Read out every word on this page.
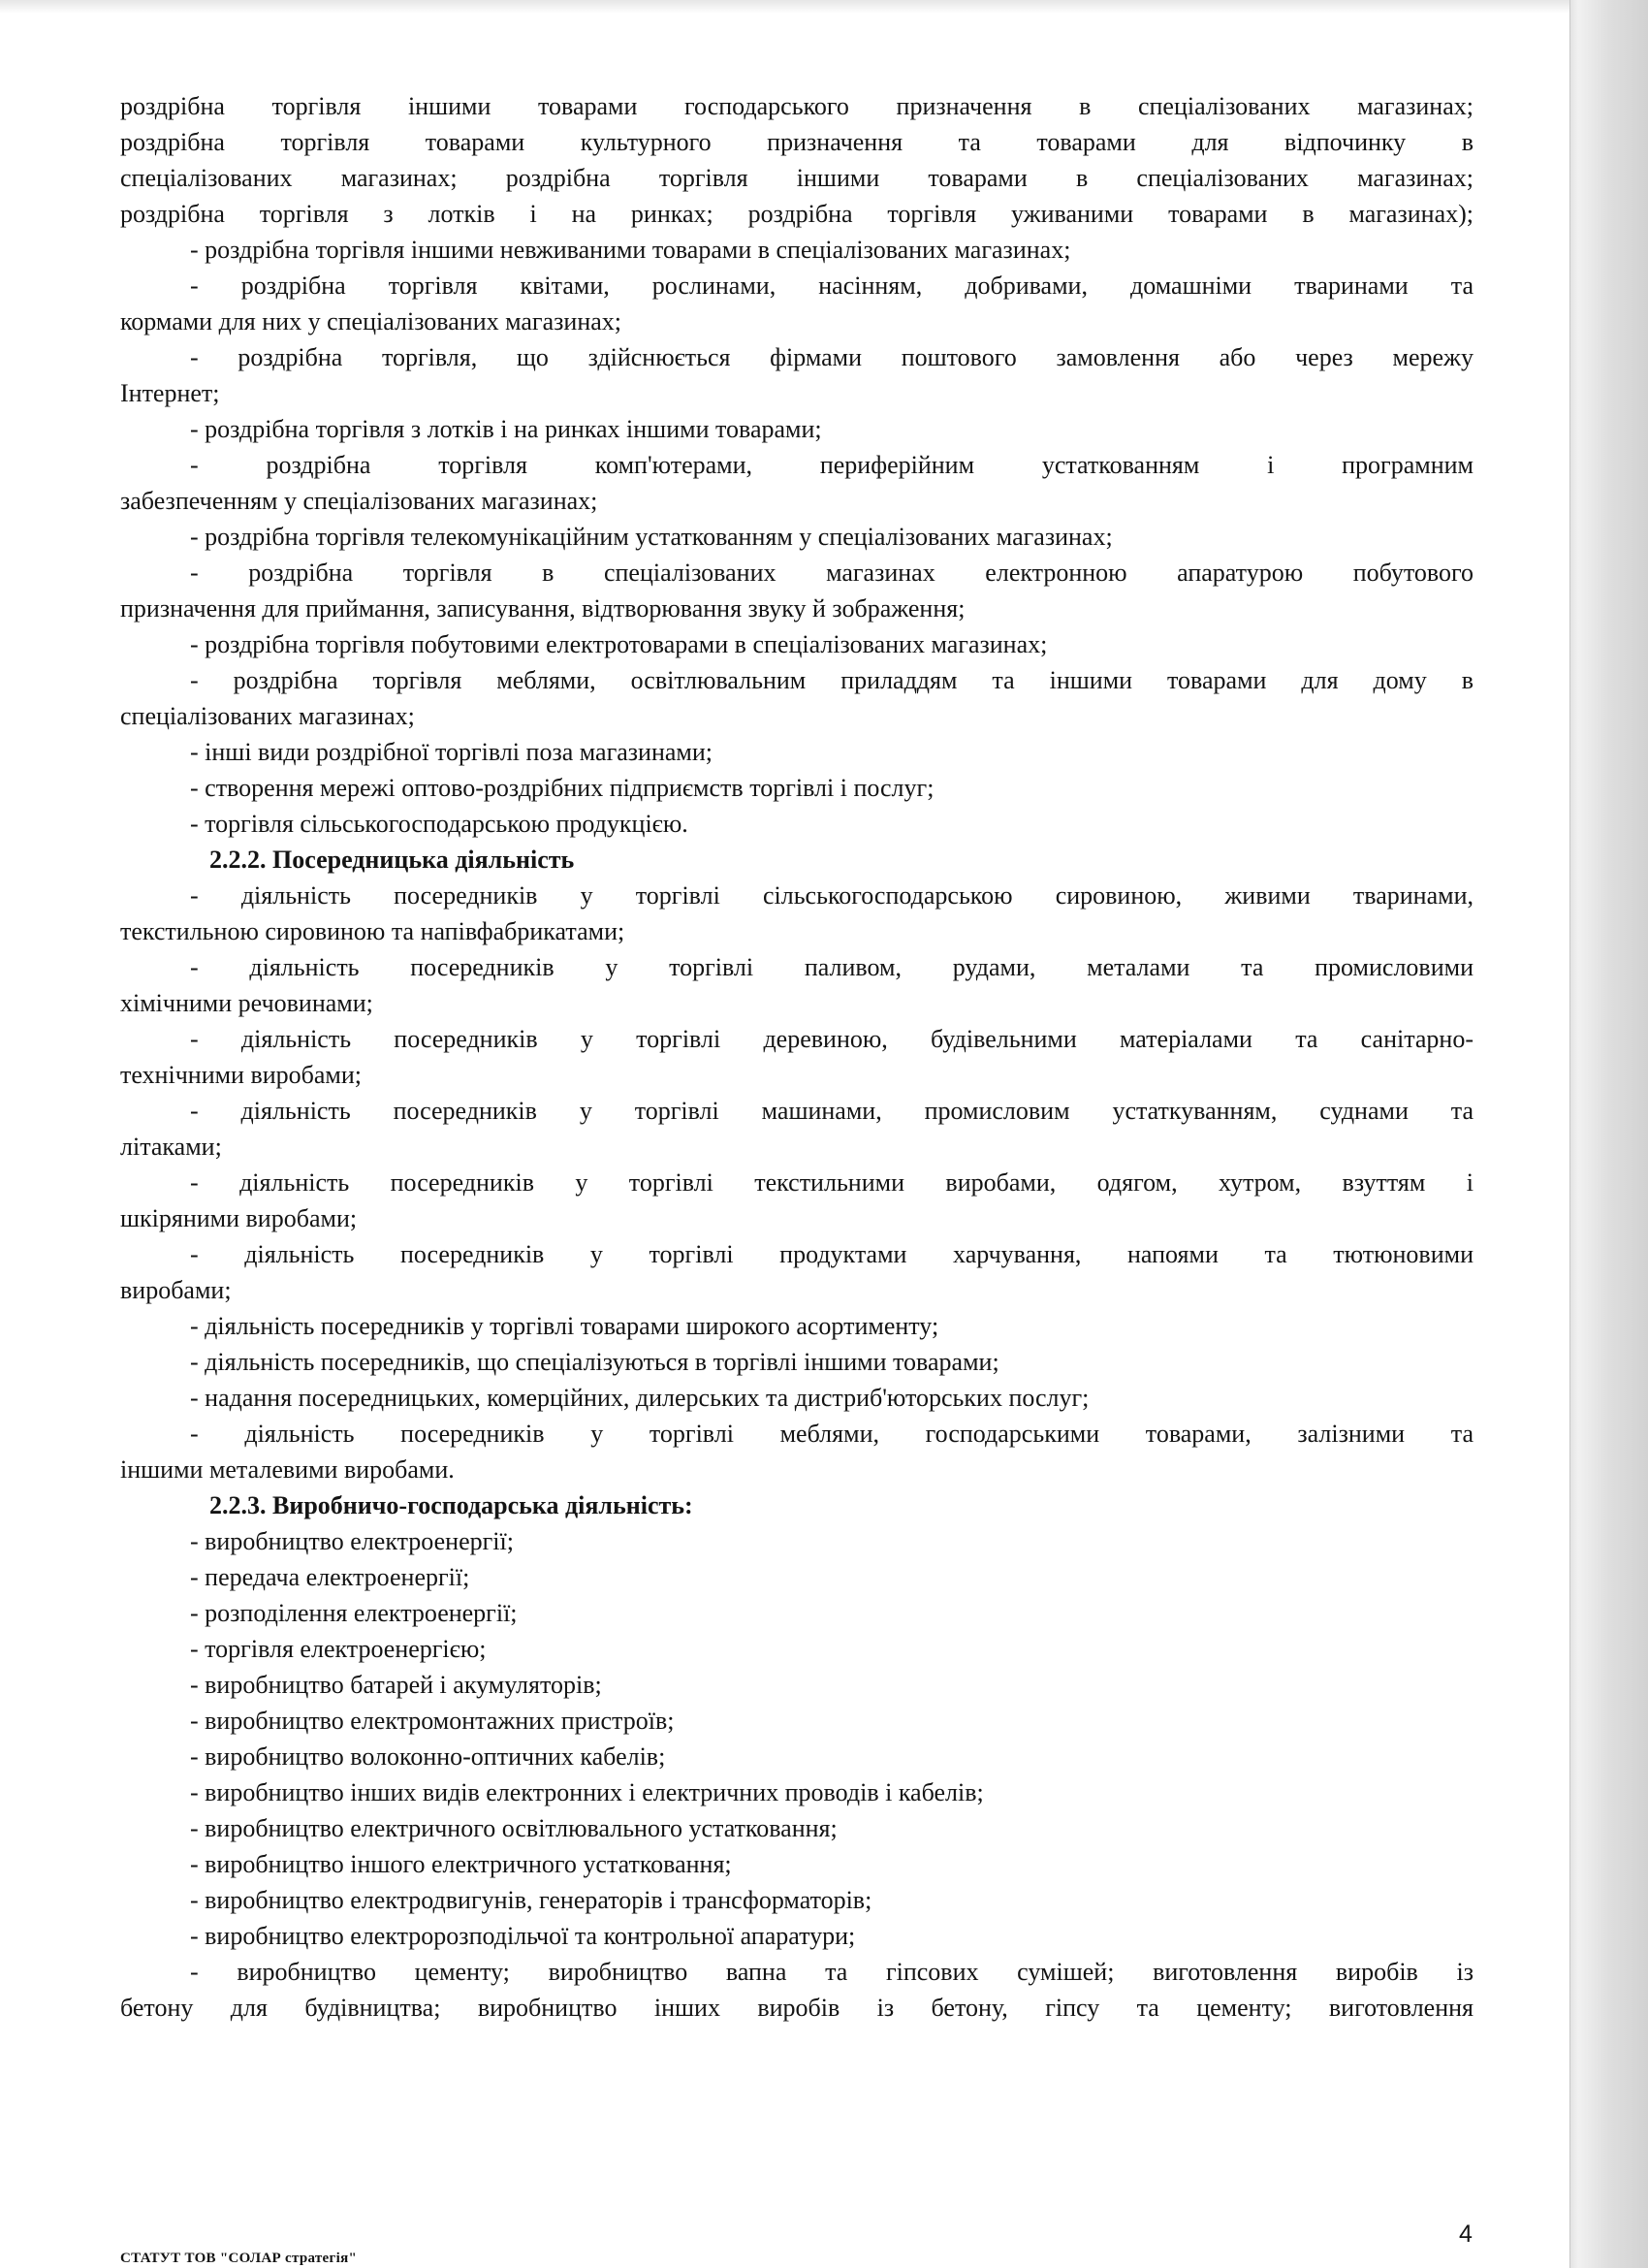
роздрібна торгівля іншими товарами господарського призначення в спеціалізованих магазинах;
роздрібна торгівля товарами культурного призначення та товарами для відпочинку в
спеціалізованих магазинах; роздрібна торгівля іншими товарами в спеціалізованих магазинах;
роздрібна торгівля з лотків і на ринках; роздрібна торгівля уживаними товарами в магазинах);
- роздрібна торгівля іншими невживаними товарами в спеціалізованих магазинах;
- роздрібна торгівля квітами, рослинами, насінням, добривами, домашніми тваринами та
кормами для них у спеціалізованих магазинах;
- роздрібна торгівля, що здійснюється фірмами поштового замовлення або через мережу
Інтернет;
- роздрібна торгівля з лотків і на ринках іншими товарами;
- роздрібна торгівля комп'ютерами, периферійним устаткованням і програмним
забезпеченням у спеціалізованих магазинах;
- роздрібна торгівля телекомунікаційним устаткованням у спеціалізованих магазинах;
- роздрібна торгівля в спеціалізованих магазинах електронною апаратурою побутового
призначення для приймання, записування, відтворювання звуку й зображення;
- роздрібна торгівля побутовими електротоварами в спеціалізованих магазинах;
- роздрібна торгівля меблями, освітлювальним приладдям та іншими товарами для дому в
спеціалізованих магазинах;
- інші види роздрібної торгівлі поза магазинами;
- створення мережі оптово-роздрібних підприємств торгівлі і послуг;
- торгівля сільськогосподарською продукцією.
2.2.2. Посередницька діяльність
- діяльність посередників у торгівлі сільськогосподарською сировиною, живими тваринами,
текстильною сировиною та напівфабрикатами;
- діяльність посередників у торгівлі паливом, рудами, металами та промисловими
хімічними речовинами;
- діяльність посередників у торгівлі деревиною, будівельними матеріалами та санітарно-
технічними виробами;
- діяльність посередників у торгівлі машинами, промисловим устаткуванням, суднами та
літаками;
- діяльність посередників у торгівлі текстильними виробами, одягом, хутром, взуттям і
шкіряними виробами;
- діяльність посередників у торгівлі продуктами харчування, напоями та тютюновими
виробами;
- діяльність посередників у торгівлі товарами широкого асортименту;
- діяльність посередників, що спеціалізуються в торгівлі іншими товарами;
- надання посередницьких, комерційних, дилерських та дистриб'юторських послуг;
- діяльність посередників у торгівлі меблями, господарськими товарами, залізними та
іншими металевими виробами.
2.2.3. Виробничо-господарська діяльність:
- виробництво електроенергії;
- передача електроенергії;
- розподілення електроенергії;
- торгівля електроенергією;
- виробництво батарей і акумуляторів;
- виробництво електромонтажних пристроїв;
- виробництво волоконно-оптичних кабелів;
- виробництво інших видів електронних і електричних проводів і кабелів;
- виробництво електричного освітлювального устатковання;
- виробництво іншого електричного устатковання;
- виробництво електродвигунів, генераторів і трансформаторів;
- виробництво електророзподільчої та контрольної апаратури;
- виробництво цементу; виробництво вапна та гіпсових сумішей; виготовлення виробів із
бетону для будівництва; виробництво інших виробів із бетону, гіпсу та цементу; виготовлення
4
СТАТУТ ТОВ "СОЛАР стратегія"
